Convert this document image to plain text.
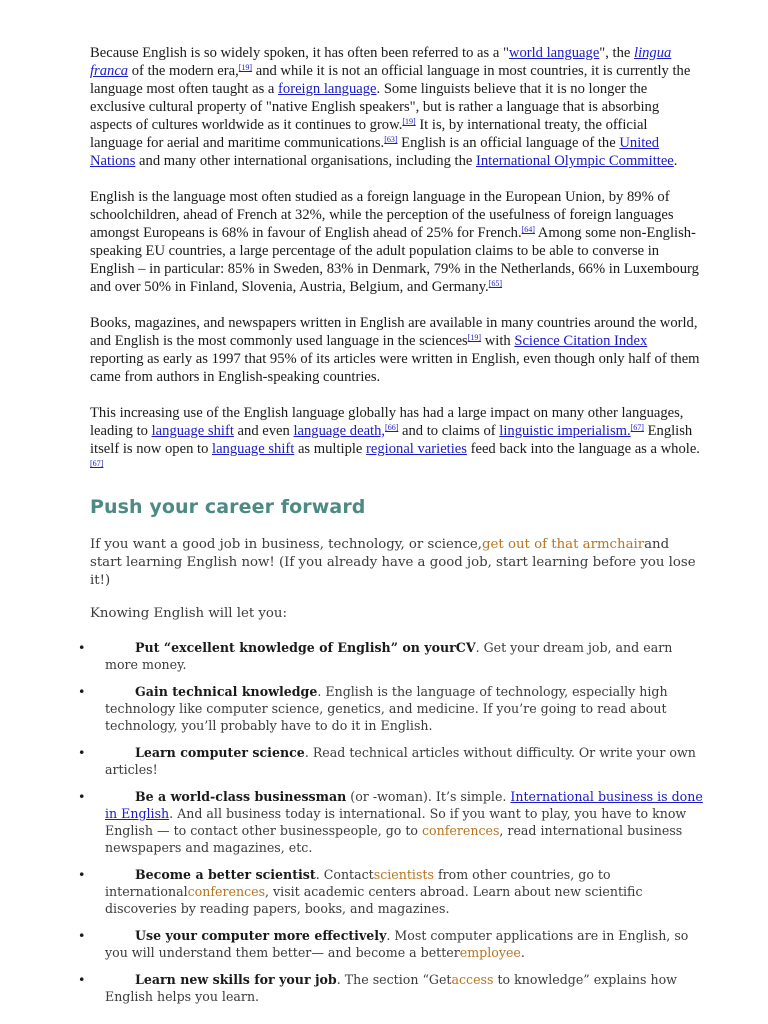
Because English is so widely spoken, it has often been referred to as a "world language", the lingua franca of the modern era,[19] and while it is not an official language in most countries, it is currently the language most often taught as a foreign language. Some linguists believe that it is no longer the exclusive cultural property of "native English speakers", but is rather a language that is absorbing aspects of cultures worldwide as it continues to grow.[19] It is, by international treaty, the official language for aerial and maritime communications.[63] English is an official language of the United Nations and many other international organisations, including the International Olympic Committee.

English is the language most often studied as a foreign language in the European Union, by 89% of schoolchildren, ahead of French at 32%, while the perception of the usefulness of foreign languages amongst Europeans is 68% in favour of English ahead of 25% for French.[64] Among some non-English-speaking EU countries, a large percentage of the adult population claims to be able to converse in English – in particular: 85% in Sweden, 83% in Denmark, 79% in the Netherlands, 66% in Luxembourg and over 50% in Finland, Slovenia, Austria, Belgium, and Germany.[65]

Books, magazines, and newspapers written in English are available in many countries around the world, and English is the most commonly used language in the sciences[19] with Science Citation Index reporting as early as 1997 that 95% of its articles were written in English, even though only half of them came from authors in English-speaking countries.

This increasing use of the English language globally has had a large impact on many other languages, leading to language shift and even language death,[66] and to claims of linguistic imperialism.[67] English itself is now open to language shift as multiple regional varieties feed back into the language as a whole.[67]

Push your career forward

If you want a good job in business, technology, or science,get out of that armchairand start learning English now! (If you already have a good job, start learning before you lose it!)

Knowing English will let you:

•	Put “excellent knowledge of English” on yourCV. Get your dream job, and earn more money.
•	Gain technical knowledge. English is the language of technology, especially high technology like computer science, genetics, and medicine. If you’re going to read about technology, you’ll probably have to do it in English.
•	Learn computer science. Read technical articles without difficulty. Or write your own articles!
•	Be a world-class businessman (or -woman). It’s simple. International business is done in English. And all business today is international. So if you want to play, you have to know English — to contact other businesspeople, go to conferences, read international business newspapers and magazines, etc.
•	Become a better scientist. Contactscientists from other countries, go to internationalconferences, visit academic centers abroad. Learn about new scientific discoveries by reading papers, books, and magazines.
•	Use your computer more effectively. Most computer applications are in English, so you will understand them better— and become a betteremployee.
•	Learn new skills for your job. The section “Getaccess to knowledge” explains how English helps you learn.
